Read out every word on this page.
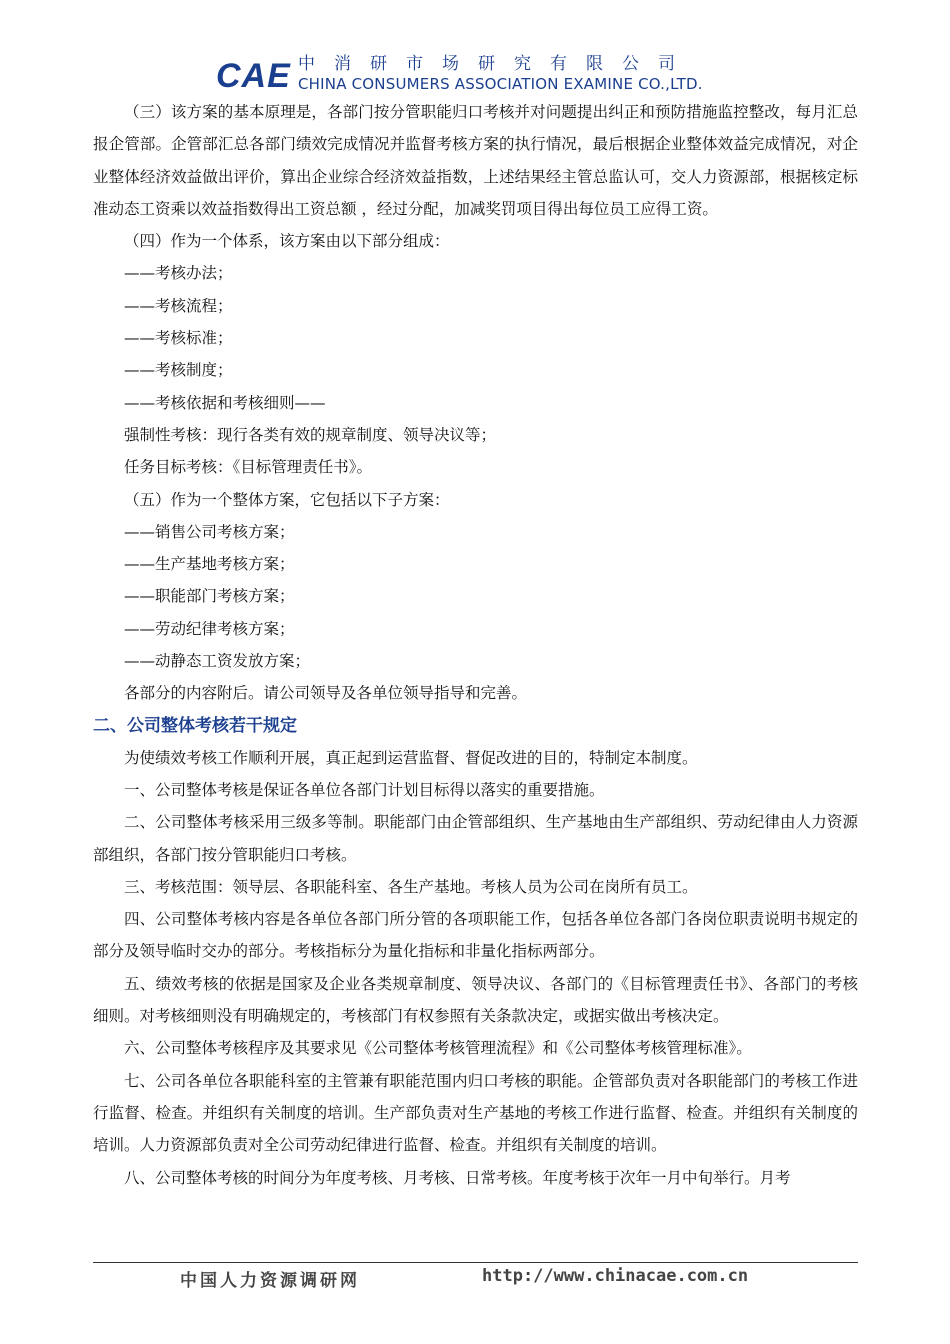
CAE 中消研市场研究有限公司
CHINA CONSUMERS ASSOCIATION EXAMINE CO.,LTD.

（三）该方案的基本原理是，各部门按分管职能归口考核并对问题提出纠正和预防措施监控整改，每月汇总报企管部。企管部汇总各部门绩效完成情况并监督考核方案的执行情况，最后根据企业整体效益完成情况，对企业整体经济效益做出评价，算出企业综合经济效益指数，上述结果经主管总监认可，交人力资源部，根据核定标准动态工资乘以效益指数得出工资总额 ，经过分配，加减奖罚项目得出每位员工应得工资。

（四）作为一个体系，该方案由以下部分组成：

——考核办法；

——考核流程；

——考核标准；

——考核制度；

——考核依据和考核细则——

强制性考核：现行各类有效的规章制度、领导决议等；

任务目标考核：《目标管理责任书》。

（五）作为一个整体方案，它包括以下子方案：

——销售公司考核方案；

——生产基地考核方案；

——职能部门考核方案；

——劳动纪律考核方案；

——动静态工资发放方案；

各部分的内容附后。请公司领导及各单位领导指导和完善。

二、公司整体考核若干规定

为使绩效考核工作顺利开展，真正起到运营监督、督促改进的目的，特制定本制度。

一、公司整体考核是保证各单位各部门计划目标得以落实的重要措施。

二、公司整体考核采用三级多等制。职能部门由企管部组织、生产基地由生产部组织、劳动纪律由人力资源部组织，各部门按分管职能归口考核。

三、考核范围：领导层、各职能科室、各生产基地。考核人员为公司在岗所有员工。

四、公司整体考核内容是各单位各部门所分管的各项职能工作，包括各单位各部门各岗位职责说明书规定的部分及领导临时交办的部分。考核指标分为量化指标和非量化指标两部分。

五、绩效考核的依据是国家及企业各类规章制度、领导决议、各部门的《目标管理责任书》、各部门的考核细则。对考核细则没有明确规定的，考核部门有权参照有关条款决定，或据实做出考核决定。

六、公司整体考核程序及其要求见《公司整体考核管理流程》和《公司整体考核管理标准》。

七、公司各单位各职能科室的主管兼有职能范围内归口考核的职能。企管部负责对各职能部门的考核工作进行监督、检查。并组织有关制度的培训。生产部负责对生产基地的考核工作进行监督、检查。并组织有关制度的培训。人力资源部负责对全公司劳动纪律进行监督、检查。并组织有关制度的培训。

八、公司整体考核的时间分为年度考核、月考核、日常考核。年度考核于次年一月中旬举行。月考

中国人力资源调研网	http://www.chinacae.com.cn
